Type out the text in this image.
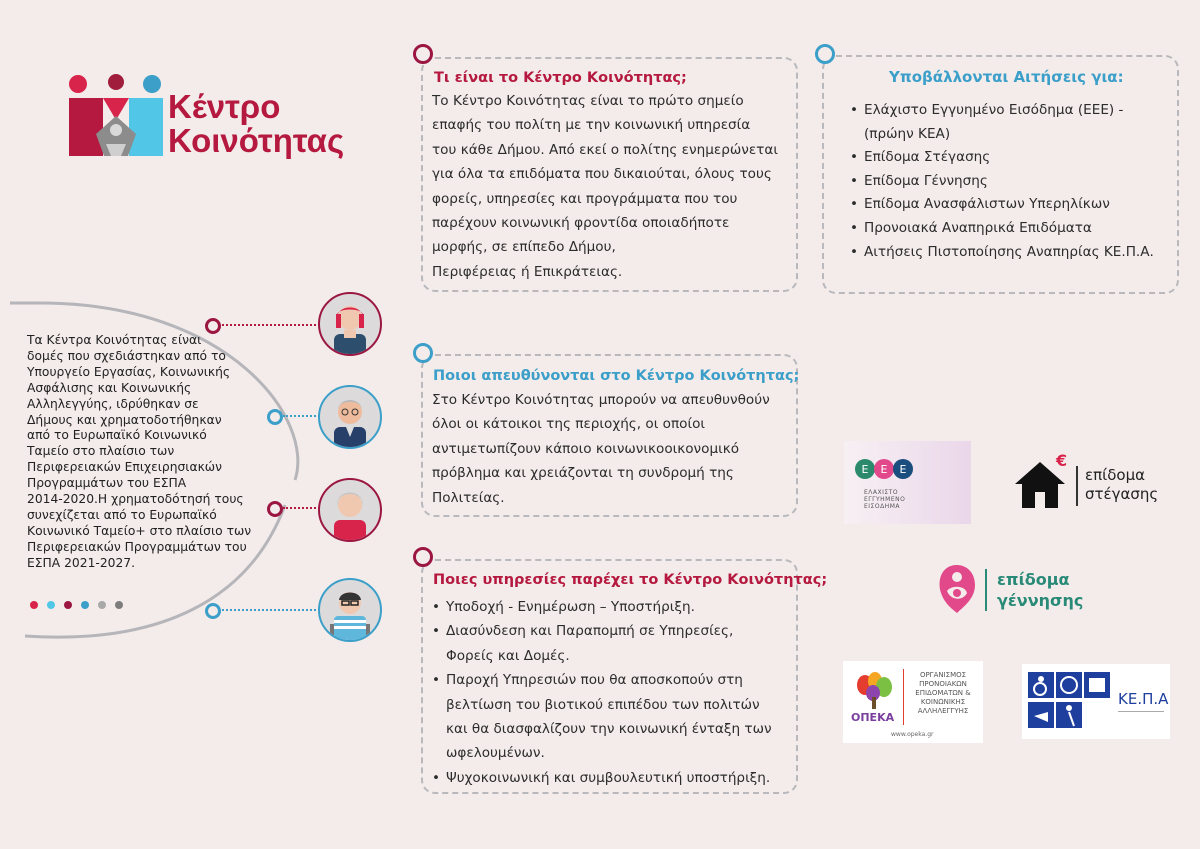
Κέντρο
Κοινότητας
Τι είναι το Κέντρο Κοινότητας;
Το Κέντρο Κοινότητας είναι το πρώτο σημείο
επαφής του πολίτη με την κοινωνική υπηρεσία
του κάθε Δήμου. Από εκεί ο πολίτης ενημερώνεται
για όλα τα επιδόματα που δικαιούται, όλους τους
φορείς, υπηρεσίες και προγράμματα που του
παρέχουν κοινωνική φροντίδα οποιαδήποτε
μορφής, σε επίπεδο Δήμου,
Περιφέρειας ή Επικράτειας.
Υποβάλλονται Αιτήσεις για:
• Ελάχιστο Εγγυημένο Εισόδημα (ΕΕΕ) -
(πρώην ΚΕΑ)
• Επίδομα Στέγασης
• Επίδομα Γέννησης
• Επίδομα Ανασφάλιστων Υπερηλίκων
• Προνοιακά Αναπηρικά Επιδόματα
• Αιτήσεις Πιστοποίησης Αναπηρίας ΚΕ.Π.Α.
Ποιοι απευθύνονται στο Κέντρο Κοινότητας;
Στο Κέντρο Κοινότητας μπορούν να απευθυνθούν
όλοι οι κάτοικοι της περιοχής, οι οποίοι
αντιμετωπίζουν κάποιο κοινωνικοοικονομικό
πρόβλημα και χρειάζονται τη συνδρομή της
Πολιτείας.
Ποιες υπηρεσίες παρέχει το Κέντρο Κοινότητας;
• Υποδοχή - Ενημέρωση – Υποστήριξη.
• Διασύνδεση και Παραπομπή σε Υπηρεσίες,
Φορείς και Δομές.
• Παροχή Υπηρεσιών που θα αποσκοπούν στη
βελτίωση του βιοτικού επιπέδου των πολιτών
και θα διασφαλίζουν την κοινωνική ένταξη των
ωφελουμένων.
• Ψυχοκοινωνική και συμβουλευτική υποστήριξη.
Τα Κέντρα Κοινότητας είναι
δομές που σχεδιάστηκαν από το
Υπουργείο Εργασίας, Κοινωνικής
Ασφάλισης και Κοινωνικής
Αλληλεγγύης, ιδρύθηκαν σε
Δήμους και χρηματοδοτήθηκαν
από το Ευρωπαϊκό Κοινωνικό
Ταμείο στο πλαίσιο των
Περιφερειακών Επιχειρησιακών
Προγραμμάτων του ΕΣΠΑ
2014-2020.Η χρηματοδότησή τους
συνεχίζεται από το Ευρωπαϊκό
Κοινωνικό Ταμείο+ στο πλαίσιο των
Περιφερειακών Προγραμμάτων του
ΕΣΠΑ 2021-2027.
Ε Ε Ε
ΕΛΑΧΙΣΤΟ
ΕΓΓΥΗΜΕΝΟ
ΕΙΣΟΔΗΜΑ
€
επίδομα
στέγασης
επίδομα
γέννησης
ΟΠΕΚΑ
ΟΡΓΑΝΙΣΜΟΣ
ΠΡΟΝΟΙΑΚΩΝ
ΕΠΙΔΟΜΑΤΩΝ &
ΚΟΙΝΩΝΙΚΗΣ
ΑΛΛΗΛΕΓΓΥΗΣ
www.opeka.gr
ΚΕ.Π.Α
